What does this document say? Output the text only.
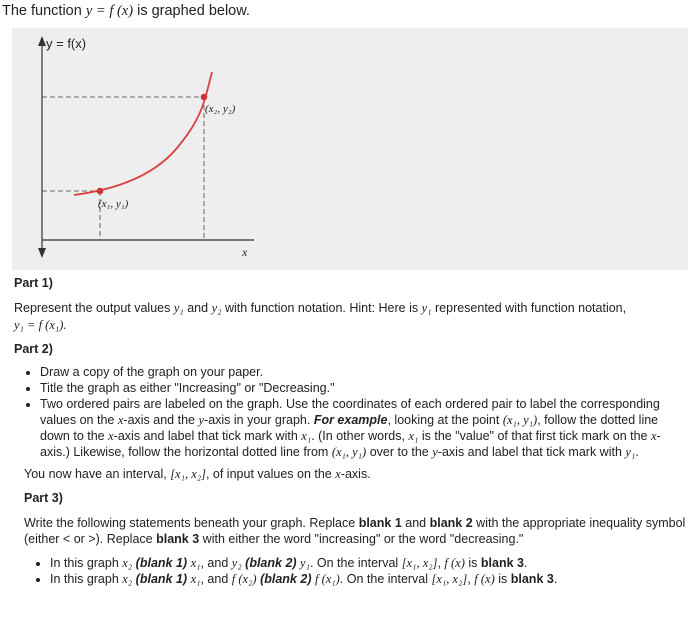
The function y = f (x) is graphed below.
y = f(x)
x
(x₁, y₁)
(x₂, y₂)

Part 1)

Represent the output values y₁ and y₂ with function notation. Hint: Here is y₁ represented with function notation,
y₁ = f (x₁).

Part 2)

• Draw a copy of the graph on your paper.
• Title the graph as either "Increasing" or "Decreasing."
• Two ordered pairs are labeled on the graph. Use the coordinates of each ordered pair to label the corresponding values on the x-axis and the y-axis in your graph. For example, looking at the point (x₁, y₁), follow the dotted line down to the x-axis and label that tick mark with x₁. (In other words, x₁ is the "value" of that first tick mark on the x-axis.) Likewise, follow the horizontal dotted line from (x₁, y₁) over to the y-axis and label that tick mark with y₁.

You now have an interval, [x₁, x₂], of input values on the x-axis.

Part 3)

Write the following statements beneath your graph. Replace blank 1 and blank 2 with the appropriate inequality symbol (either < or >). Replace blank 3 with either the word "increasing" or the word "decreasing."

• In this graph x₂ (blank 1) x₁, and y₂ (blank 2) y₁. On the interval [x₁, x₂], f (x) is blank 3.
• In this graph x₂ (blank 1) x₁, and f (x₂) (blank 2) f (x₁). On the interval [x₁, x₂], f (x) is blank 3.
